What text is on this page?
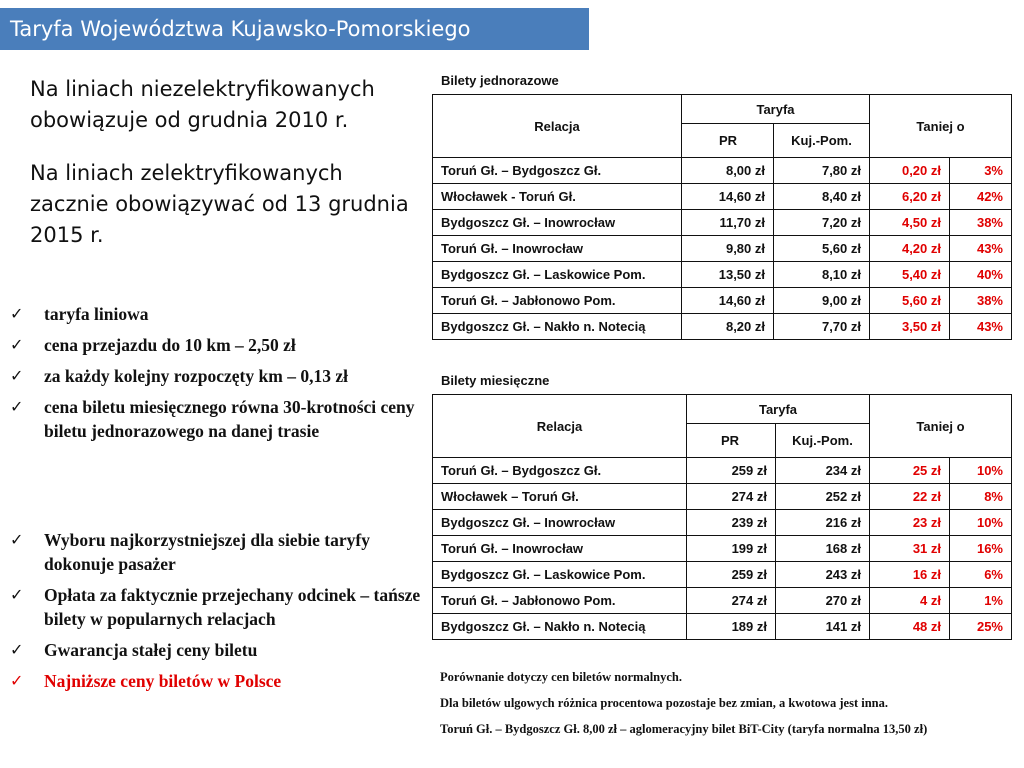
Taryfa Województwa Kujawsko-Pomorskiego

Na liniach niezelektryfikowanych obowiązuje od grudnia 2010 r.

Na liniach zelektryfikowanych zacznie obowiązywać od 13 grudnia 2015 r.

✓ taryfa liniowa
✓ cena przejazdu do 10 km – 2,50 zł
✓ za każdy kolejny rozpoczęty km – 0,13 zł
✓ cena biletu miesięcznego równa 30-krotności ceny biletu jednorazowego na danej trasie
✓ Wyboru najkorzystniejszej dla siebie taryfy dokonuje pasażer
✓ Opłata za faktycznie przejechany odcinek – tańsze bilety w popularnych relacjach
✓ Gwarancja stałej ceny biletu
✓ Najniższe ceny biletów w Polsce
Bilety jednorazowe
Relacja	Taryfa		Taniej o	
	PR	Kuj.-Pom.		
Toruń Gł. – Bydgoszcz Gł.	8,00 zł	7,80 zł	0,20 zł	3%
Włocławek - Toruń Gł.	14,60 zł	8,40 zł	6,20 zł	42%
Bydgoszcz Gł. – Inowrocław	11,70 zł	7,20 zł	4,50 zł	38%
Toruń Gł. – Inowrocław	9,80 zł	5,60 zł	4,20 zł	43%
Bydgoszcz Gł. – Laskowice Pom.	13,50 zł	8,10 zł	5,40 zł	40%
Toruń Gł. – Jabłonowo Pom.	14,60 zł	9,00 zł	5,60 zł	38%
Bydgoszcz Gł. – Nakło n. Notecią	8,20 zł	7,70 zł	3,50 zł	43%
Bilety miesięczne
Relacja	Taryfa		Taniej o	
	PR	Kuj.-Pom.		
Toruń Gł. – Bydgoszcz Gł.	259 zł	234 zł	25 zł	10%
Włocławek – Toruń Gł.	274 zł	252 zł	22 zł	8%
Bydgoszcz Gł. – Inowrocław	239 zł	216 zł	23 zł	10%
Toruń Gł. – Inowrocław	199 zł	168 zł	31 zł	16%
Bydgoszcz Gł. – Laskowice Pom.	259 zł	243 zł	16 zł	6%
Toruń Gł. – Jabłonowo Pom.	274 zł	270 zł	4 zł	1%
Bydgoszcz Gł. – Nakło n. Notecią	189 zł	141 zł	48 zł	25%
Porównanie dotyczy cen biletów normalnych.
Dla biletów ulgowych różnica procentowa pozostaje bez zmian, a kwotowa jest inna.
Toruń Gł. – Bydgoszcz Gł. 8,00 zł – aglomeracyjny bilet BiT-City (taryfa normalna 13,50 zł)
